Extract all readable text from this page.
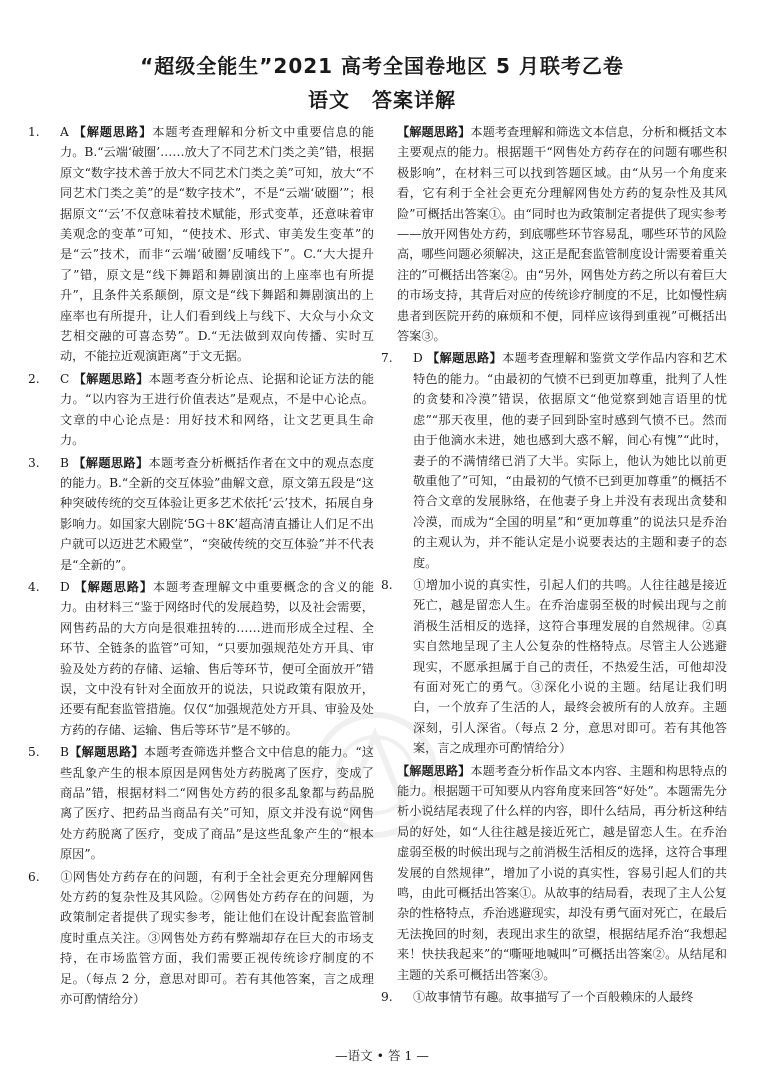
“超级全能生”2021 高考全国卷地区 5 月联考乙卷
语文 答案详解
1. A 【解题思路】本题考查理解和分析文中重要信息的能力。B.“云端‘破圈’……放大了不同艺术门类之美”错，根据原文“数字技术善于放大不同艺术门类之美”可知，放大“不同艺术门类之美”的是“数字技术”，不是“云端‘破圈’”；根据原文“‘云’不仅意味着技术赋能，形式变革，还意味着审美观念的变革”可知，“使技术、形式、审美发生变革”的是“云”技术，而非“云端‘破圈’反哺线下”。C.“大大提升了”错，原文是“线下舞蹈和舞剧演出的上座率也有所提升”，且条件关系颠倒，原文是“线下舞蹈和舞剧演出的上座率也有所提升，让人们看到线上与线下、大众与小众文艺相交融的可喜态势”。D.“无法做到双向传播、实时互动，不能拉近观演距离”于文无据。
2. C 【解题思路】本题考查分析论点、论据和论证方法的能力。“以内容为王进行价值表达”是观点，不是中心论点。文章的中心论点是：用好技术和网络，让文艺更具生命力。
3. B 【解题思路】本题考查分析概括作者在文中的观点态度的能力。B.“全新的交互体验”曲解文意，原文第五段是“这种突破传统的交互体验让更多艺术依托‘云’技术，拓展自身影响力。如国家大剧院‘5G＋8K’超高清直播让人们足不出户就可以迈进艺术殿堂”，“突破传统的交互体验”并不代表是“全新的”。
4. D 【解题思路】本题考查理解文中重要概念的含义的能力。由材料三“鉴于网络时代的发展趋势，以及社会需要，网售药品的大方向是很难扭转的……进而形成全过程、全环节、全链条的监管”可知，“只要加强规范处方开具、审验及处方药的存储、运输、售后等环节，便可全面放开”错误，文中没有针对全面放开的说法，只说政策有限放开，还要有配套监管措施。仅仅“加强规范处方开具、审验及处方药的存储、运输、售后等环节”是不够的。
5. B【解题思路】本题考查筛选并整合文中信息的能力。“这些乱象产生的根本原因是网售处方药脱离了医疗，变成了商品”错，根据材料二“网售处方药的很多乱象都与药品脱离了医疗、把药品当商品有关”可知，原文并没有说“网售处方药脱离了医疗，变成了商品”是这些乱象产生的“根本原因”。
6. ①网售处方药存在的问题，有利于全社会更充分理解网售处方药的复杂性及其风险。②网售处方药存在的问题，为政策制定者提供了现实参考，能让他们在设计配套监管制度时重点关注。③网售处方药有弊端却存在巨大的市场支持，在市场监管方面，我们需要正视传统诊疗制度的不足。（每点 2 分，意思对即可。若有其他答案，言之成理亦可酌情给分）
【解题思路】本题考查理解和筛选文本信息，分析和概括文本主要观点的能力。根据题干“网售处方药存在的问题有哪些积极影响”，在材料三可以找到答题区域。由“从另一个角度来看，它有利于全社会更充分理解网售处方药的复杂性及其风险”可概括出答案①。由“同时也为政策制定者提供了现实参考——放开网售处方药，到底哪些环节容易乱，哪些环节的风险高，哪些问题必须解决，这正是配套监管制度设计需要着重关注的”可概括出答案②。由“另外，网售处方药之所以有着巨大的市场支持，其背后对应的传统诊疗制度的不足，比如慢性病患者到医院开药的麻烦和不便，同样应该得到重视”可概括出答案③。
7. D 【解题思路】本题考查理解和鉴赏文学作品内容和艺术特色的能力。“由最初的气愤不已到更加尊重，批判了人性的贪婪和冷漠”错误，依据原文“他觉察到她言语里的忧虑”“那天夜里，他的妻子回到卧室时感到气愤不已。然而由于他滴水未进，她也感到大惑不解，间心有愧”“此时，妻子的不满情绪已消了大半。实际上，他认为她比以前更敬重他了”可知，“由最初的气愤不已到更加尊重”的概括不符合文章的发展脉络，在他妻子身上并没有表现出贪婪和冷漠，而成为“全国的明星”和“更加尊重”的说法只是乔治的主观认为，并不能认定是小说要表达的主题和妻子的态度。
8. ①增加小说的真实性，引起人们的共鸣。人往往越是接近死亡，越是留恋人生。在乔治虚弱至极的时候出现与之前消极生活相反的选择，这符合事理发展的自然规律。②真实自然地呈现了主人公复杂的性格特点。尽管主人公逃避现实，不愿承担属于自己的责任，不热爱生活，可他却没有面对死亡的勇气。③深化小说的主题。结尾让我们明白，一个放弃了生活的人，最终会被所有的人放弃。主题深刻，引人深省。（每点 2 分，意思对即可。若有其他答案，言之成理亦可酌情给分）
【解题思路】本题考查分析作品文本内容、主题和构思特点的能力。根据题干可知要从内容角度来回答“好处”。本题需先分析小说结尾表现了什么样的内容，即什么结局，再分析这种结局的好处，如“人往往越是接近死亡，越是留恋人生。在乔治虚弱至极的时候出现与之前消极生活相反的选择，这符合事理发展的自然规律”，增加了小说的真实性，容易引起人们的共鸣，由此可概括出答案①。从故事的结局看，表现了主人公复杂的性格特点，乔治逃避现实，却没有勇气面对死亡，在最后无法挽回的时刻，表现出求生的欲望，根据结尾乔治“我想起来！快扶我起来”的“嘶哑地喊叫”可概括出答案②。从结尾和主题的关系可概括出答案③。
9. ①故事情节有趣。故事描写了一个百般赖床的人最终
—语文 • 答 1 —
